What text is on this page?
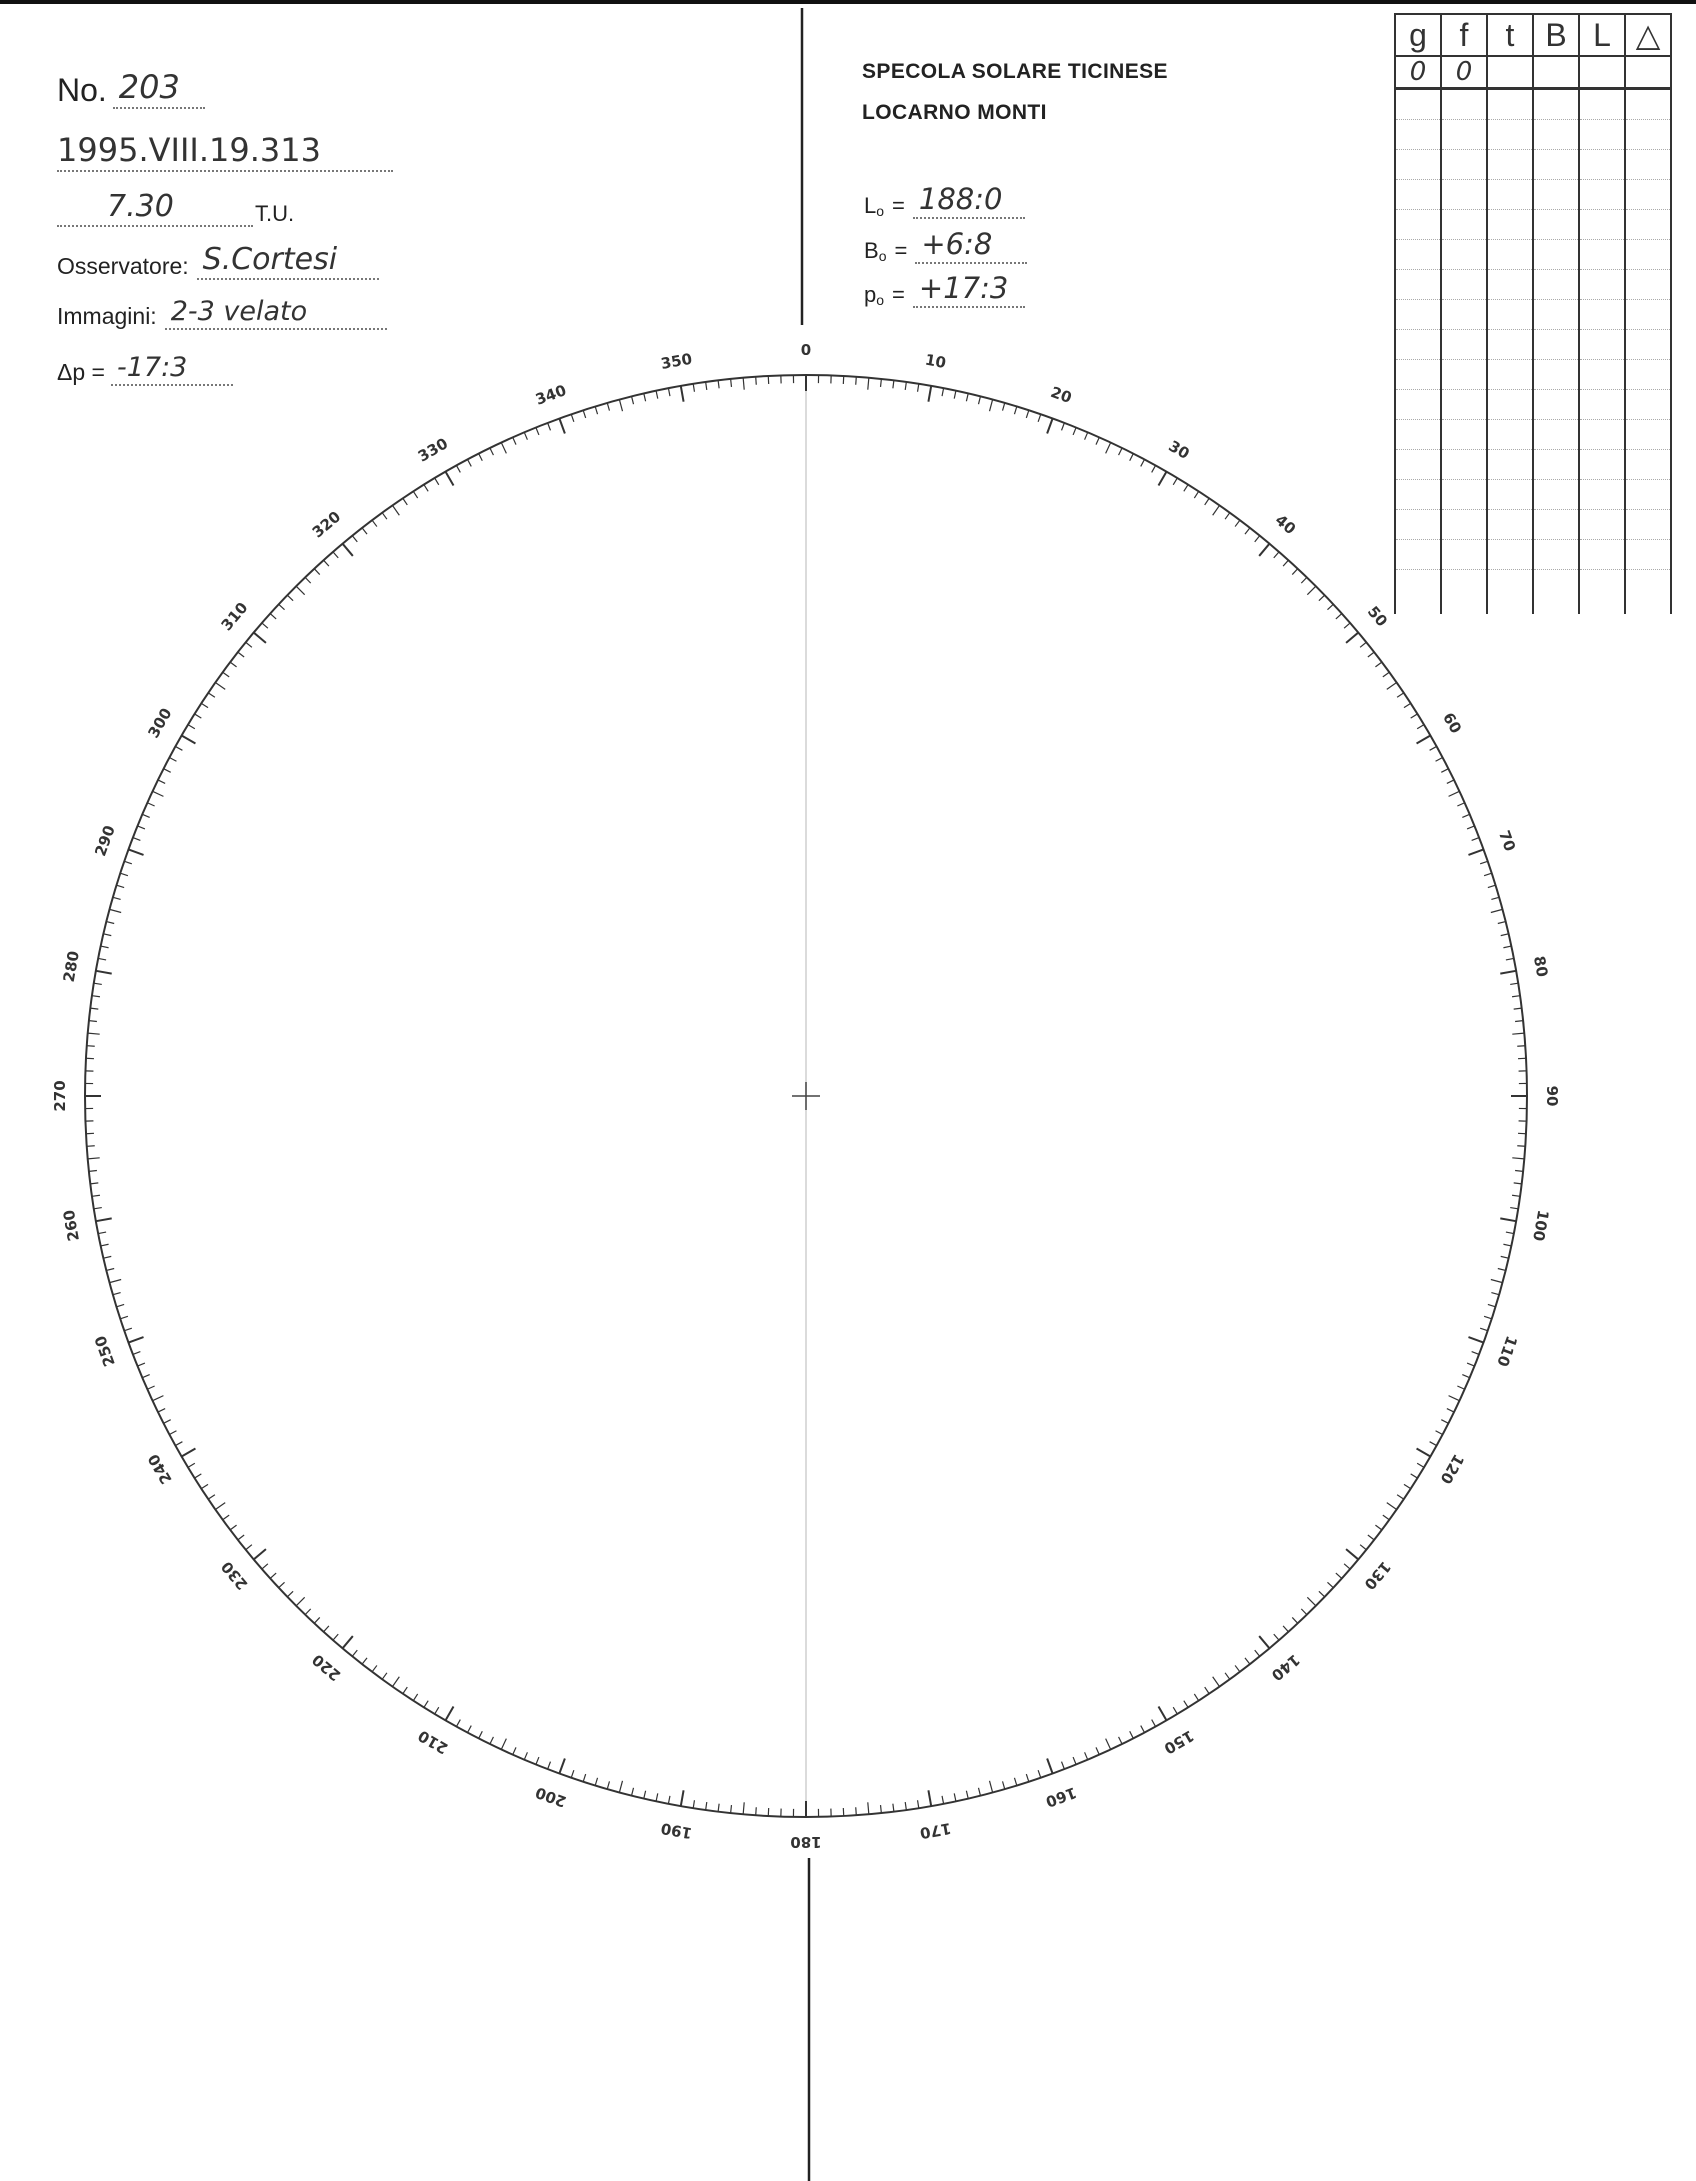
No. 203
1995.VIII.19.313
7.30	T.U.
Osservatore: S.Cortesi
Immagini: 2-3 velato
Δp = -17:3
SPECOLA SOLARE TICINESE
LOCARNO MONTI
L o = 188:0
B o = +6:8
p o = +17:3
0
10
20
30
40
50
60
70
80
90
100
110
120
130
140
150
160
170
180
190
200
210
220
230
240
250
260
270
280
290
300
310
320
330
340
350
g	f	t	B	L	△
0	0				
